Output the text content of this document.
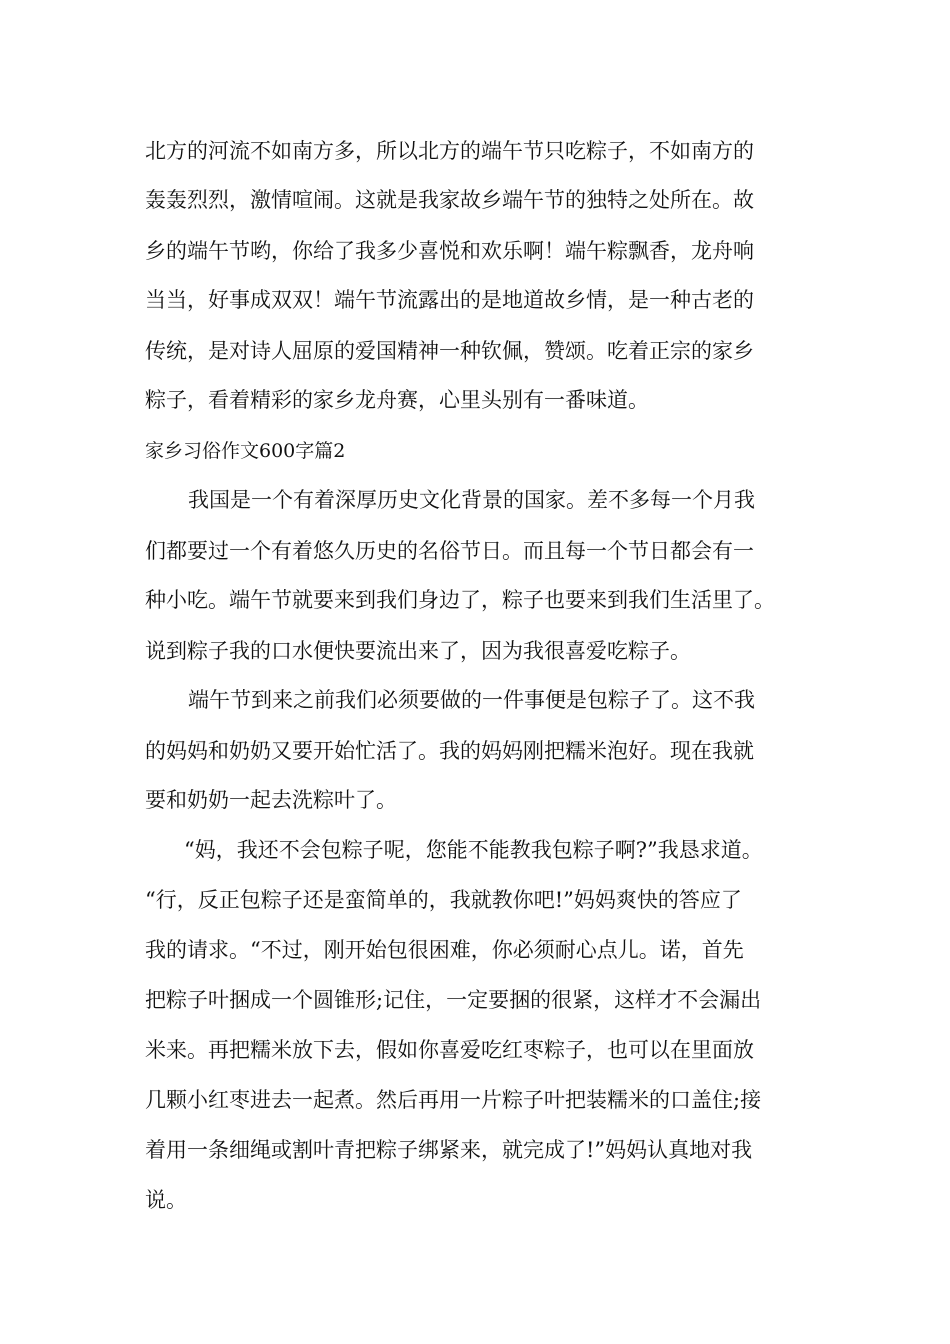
北方的河流不如南方多，所以北方的端午节只吃粽子，不如南方的
轰轰烈烈，激情喧闹。这就是我家故乡端午节的独特之处所在。故
乡的端午节哟，你给了我多少喜悦和欢乐啊！端午粽飘香，龙舟响
当当，好事成双双！端午节流露出的是地道故乡情，是一种古老的
传统，是对诗人屈原的爱国精神一种钦佩，赞颂。吃着正宗的家乡
粽子，看着精彩的家乡龙舟赛，心里头别有一番味道。
家乡习俗作文600字篇2
我国是一个有着深厚历史文化背景的国家。差不多每一个月我
们都要过一个有着悠久历史的名俗节日。而且每一个节日都会有一
种小吃。端午节就要来到我们身边了，粽子也要来到我们生活里了。
说到粽子我的口水便快要流出来了，因为我很喜爱吃粽子。
端午节到来之前我们必须要做的一件事便是包粽子了。这不我
的妈妈和奶奶又要开始忙活了。我的妈妈刚把糯米泡好。现在我就
要和奶奶一起去洗粽叶了。
“妈，我还不会包粽子呢，您能不能教我包粽子啊?”我恳求道。
“行，反正包粽子还是蛮简单的，我就教你吧!”妈妈爽快的答应了
我的请求。“不过，刚开始包很困难，你必须耐心点儿。诺，首先
把粽子叶捆成一个圆锥形;记住，一定要捆的很紧，这样才不会漏出
米来。再把糯米放下去，假如你喜爱吃红枣粽子，也可以在里面放
几颗小红枣进去一起煮。然后再用一片粽子叶把装糯米的口盖住;接
着用一条细绳或割叶青把粽子绑紧来，就完成了!”妈妈认真地对我
说。
